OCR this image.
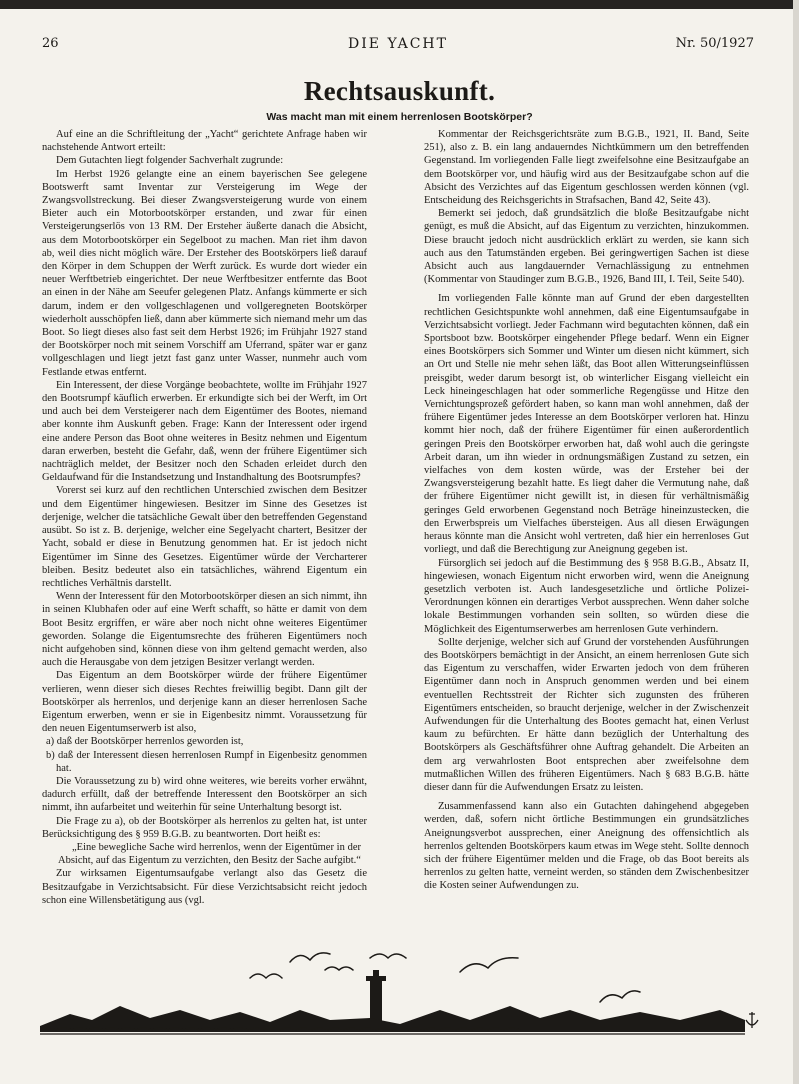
26	DIE YACHT	Nr. 50/1927
Rechtsauskunft.
Was macht man mit einem herrenlosen Bootskörper?

Auf eine an die Schriftleitung der „Yacht“ gerichtete Anfrage haben wir nachstehende Antwort erteilt:

Dem Gutachten liegt folgender Sachverhalt zugrunde:

Im Herbst 1926 gelangte eine an einem bayerischen See gelegene Bootswerft samt Inventar zur Versteigerung im Wege der Zwangsvollstreckung. Bei dieser Zwangsversteigerung wurde von einem Bieter auch ein Motorbootskörper erstanden, und zwar für einen Versteigerungserlös von 13 RM. Der Ersteher äußerte danach die Absicht, aus dem Motorbootskörper ein Segelboot zu machen. Man riet ihm davon ab, weil dies nicht möglich wäre. Der Ersteher des Bootskörpers ließ darauf den Körper in dem Schuppen der Werft zurück. Es wurde dort wieder ein neuer Werftbetrieb eingerichtet. Der neue Werftbesitzer entfernte das Boot an einen in der Nähe am Seeufer gelegenen Platz. Anfangs kümmerte er sich darum, indem er den vollgeschlagenen und vollgeregneten Bootskörper wiederholt ausschöpfen ließ, dann aber kümmerte sich niemand mehr um das Boot. So liegt dieses also fast seit dem Herbst 1926; im Frühjahr 1927 stand der Bootskörper noch mit seinem Vorschiff am Uferrand, später war er ganz vollgeschlagen und liegt jetzt fast ganz unter Wasser, nunmehr auch vom Festlande etwas entfernt.

Ein Interessent, der diese Vorgänge beobachtete, wollte im Frühjahr 1927 den Bootsrumpf käuflich erwerben. Er erkundigte sich bei der Werft, im Ort und auch bei dem Versteigerer nach dem Eigentümer des Bootes, niemand aber konnte ihm Auskunft geben. Frage: Kann der Interessent oder irgend eine andere Person das Boot ohne weiteres in Besitz nehmen und Eigentum daran erwerben, besteht die Gefahr, daß, wenn der frühere Eigentümer sich nachträglich meldet, der Besitzer noch den Schaden erleidet durch den Geldaufwand für die Instandsetzung und Instandhaltung des Bootsrumpfes?

Vorerst sei kurz auf den rechtlichen Unterschied zwischen dem Besitzer und dem Eigentümer hingewiesen. Besitzer im Sinne des Gesetzes ist derjenige, welcher die tatsächliche Gewalt über den betreffenden Gegenstand ausübt. So ist z. B. derjenige, welcher eine Segelyacht chartert, Besitzer der Yacht, sobald er diese in Benutzung genommen hat. Er ist jedoch nicht Eigentümer im Sinne des Gesetzes. Eigentümer würde der Vercharterer bleiben. Besitz bedeutet also ein tatsächliches, während Eigentum ein rechtliches Verhältnis darstellt.

Wenn der Interessent für den Motorbootskörper diesen an sich nimmt, ihn in seinen Klubhafen oder auf eine Werft schafft, so hätte er damit von dem Boot Besitz ergriffen, er wäre aber noch nicht ohne weiteres Eigentümer geworden. Solange die Eigentumsrechte des früheren Eigentümers noch nicht aufgehoben sind, können diese von ihm geltend gemacht werden, also auch die Herausgabe von dem jetzigen Besitzer verlangt werden.

Das Eigentum an dem Bootskörper würde der frühere Eigentümer verlieren, wenn dieser sich dieses Rechtes freiwillig begibt. Dann gilt der Bootskörper als herrenlos, und derjenige kann an dieser herrenlosen Sache Eigentum erwerben, wenn er sie in Eigenbesitz nimmt. Voraussetzung für den neuen Eigentumserwerb ist also,

a) daß der Bootskörper herrenlos geworden ist,

b) daß der Interessent diesen herrenlosen Rumpf in Eigenbesitz genommen hat.

Die Voraussetzung zu b) wird ohne weiteres, wie bereits vorher erwähnt, dadurch erfüllt, daß der betreffende Interessent den Bootskörper an sich nimmt, ihn aufarbeitet und weiterhin für seine Unterhaltung besorgt ist.

Die Frage zu a), ob der Bootskörper als herrenlos zu gelten hat, ist unter Berücksichtigung des § 959 B.G.B. zu beantworten. Dort heißt es:

„Eine bewegliche Sache wird herrenlos, wenn der Eigentümer in der Absicht, auf das Eigentum zu verzichten, den Besitz der Sache aufgibt.“

Zur wirksamen Eigentumsaufgabe verlangt also das Gesetz die Besitzaufgabe in Verzichtsabsicht. Für diese Verzichtsabsicht reicht jedoch schon eine Willensbetätigung aus (vgl.

Kommentar der Reichsgerichtsräte zum B.G.B., 1921, II. Band, Seite 251), also z. B. ein lang andauerndes Nichtkümmern um den betreffenden Gegenstand. Im vorliegenden Falle liegt zweifelsohne eine Besitzaufgabe an dem Bootskörper vor, und häufig wird aus der Besitzaufgabe schon auf die Absicht des Verzichtes auf das Eigentum geschlossen werden können (vgl. Entscheidung des Reichsgerichts in Strafsachen, Band 42, Seite 43).

Bemerkt sei jedoch, daß grundsätzlich die bloße Besitzaufgabe nicht genügt, es muß die Absicht, auf das Eigentum zu verzichten, hinzukommen. Diese braucht jedoch nicht ausdrücklich erklärt zu werden, sie kann sich auch aus den Tatumständen ergeben. Bei geringwertigen Sachen ist diese Absicht auch aus langdauernder Vernachlässigung zu entnehmen (Kommentar von Staudinger zum B.G.B., 1926, Band III, I. Teil, Seite 540).

Im vorliegenden Falle könnte man auf Grund der eben dargestellten rechtlichen Gesichtspunkte wohl annehmen, daß eine Eigentumsaufgabe in Verzichtsabsicht vorliegt. Jeder Fachmann wird begutachten können, daß ein Sportsboot bzw. Bootskörper eingehender Pflege bedarf. Wenn ein Eigner eines Bootskörpers sich Sommer und Winter um diesen nicht kümmert, sich an Ort und Stelle nie mehr sehen läßt, das Boot allen Witterungseinflüssen preisgibt, weder darum besorgt ist, ob winterlicher Eisgang vielleicht ein Leck hineingeschlagen hat oder sommerliche Regengüsse und Hitze den Vernichtungsprozeß gefördert haben, so kann man wohl annehmen, daß der frühere Eigentümer jedes Interesse an dem Bootskörper verloren hat. Hinzu kommt hier noch, daß der frühere Eigentümer für einen außerordentlich geringen Preis den Bootskörper erworben hat, daß wohl auch die geringste Arbeit daran, um ihn wieder in ordnungsmäßigen Zustand zu setzen, ein vielfaches von dem kosten würde, was der Ersteher bei der Zwangsversteigerung bezahlt hatte. Es liegt daher die Vermutung nahe, daß der frühere Eigentümer nicht gewillt ist, in diesen für verhältnismäßig geringes Geld erworbenen Gegenstand noch Beträge hineinzustecken, die den Erwerbspreis um Vielfaches übersteigen. Aus all diesen Erwägungen heraus könnte man die Ansicht wohl vertreten, daß hier ein herrenloses Gut vorliegt, und daß die Berechtigung zur Aneignung gegeben ist.

Fürsorglich sei jedoch auf die Bestimmung des § 958 B.G.B., Absatz II, hingewiesen, wonach Eigentum nicht erworben wird, wenn die Aneignung gesetzlich verboten ist. Auch landesgesetzliche und örtliche Polizei-Verordnungen können ein derartiges Verbot aussprechen. Wenn daher solche lokale Bestimmungen vorhanden sein sollten, so würden diese die Möglichkeit des Eigentumserwerbes am herrenlosen Gute verhindern.

Sollte derjenige, welcher sich auf Grund der vorstehenden Ausführungen des Bootskörpers bemächtigt in der Ansicht, an einem herrenlosen Gute sich das Eigentum zu verschaffen, wider Erwarten jedoch von dem früheren Eigentümer dann noch in Anspruch genommen werden und bei einem eventuellen Rechtsstreit der Richter sich zugunsten des früheren Eigentümers entscheiden, so braucht derjenige, welcher in der Zwischenzeit Aufwendungen für die Unterhaltung des Bootes gemacht hat, einen Verlust kaum zu befürchten. Er hätte dann bezüglich der Unterhaltung des Bootskörpers als Geschäftsführer ohne Auftrag gehandelt. Die Arbeiten an dem arg verwahrlosten Boot entsprechen aber zweifelsohne dem mutmaßlichen Willen des früheren Eigentümers. Nach § 683 B.G.B. hätte dieser dann für die Aufwendungen Ersatz zu leisten.

Zusammenfassend kann also ein Gutachten dahingehend abgegeben werden, daß, sofern nicht örtliche Bestimmungen ein grundsätzliches Aneignungsverbot aussprechen, einer Aneignung des offensichtlich als herrenlos geltenden Bootskörpers kaum etwas im Wege steht. Sollte dennoch sich der frühere Eigentümer melden und die Frage, ob das Boot bereits als herrenlos zu gelten hatte, verneint werden, so ständen dem Zwischenbesitzer die Kosten seiner Aufwendungen zu.
